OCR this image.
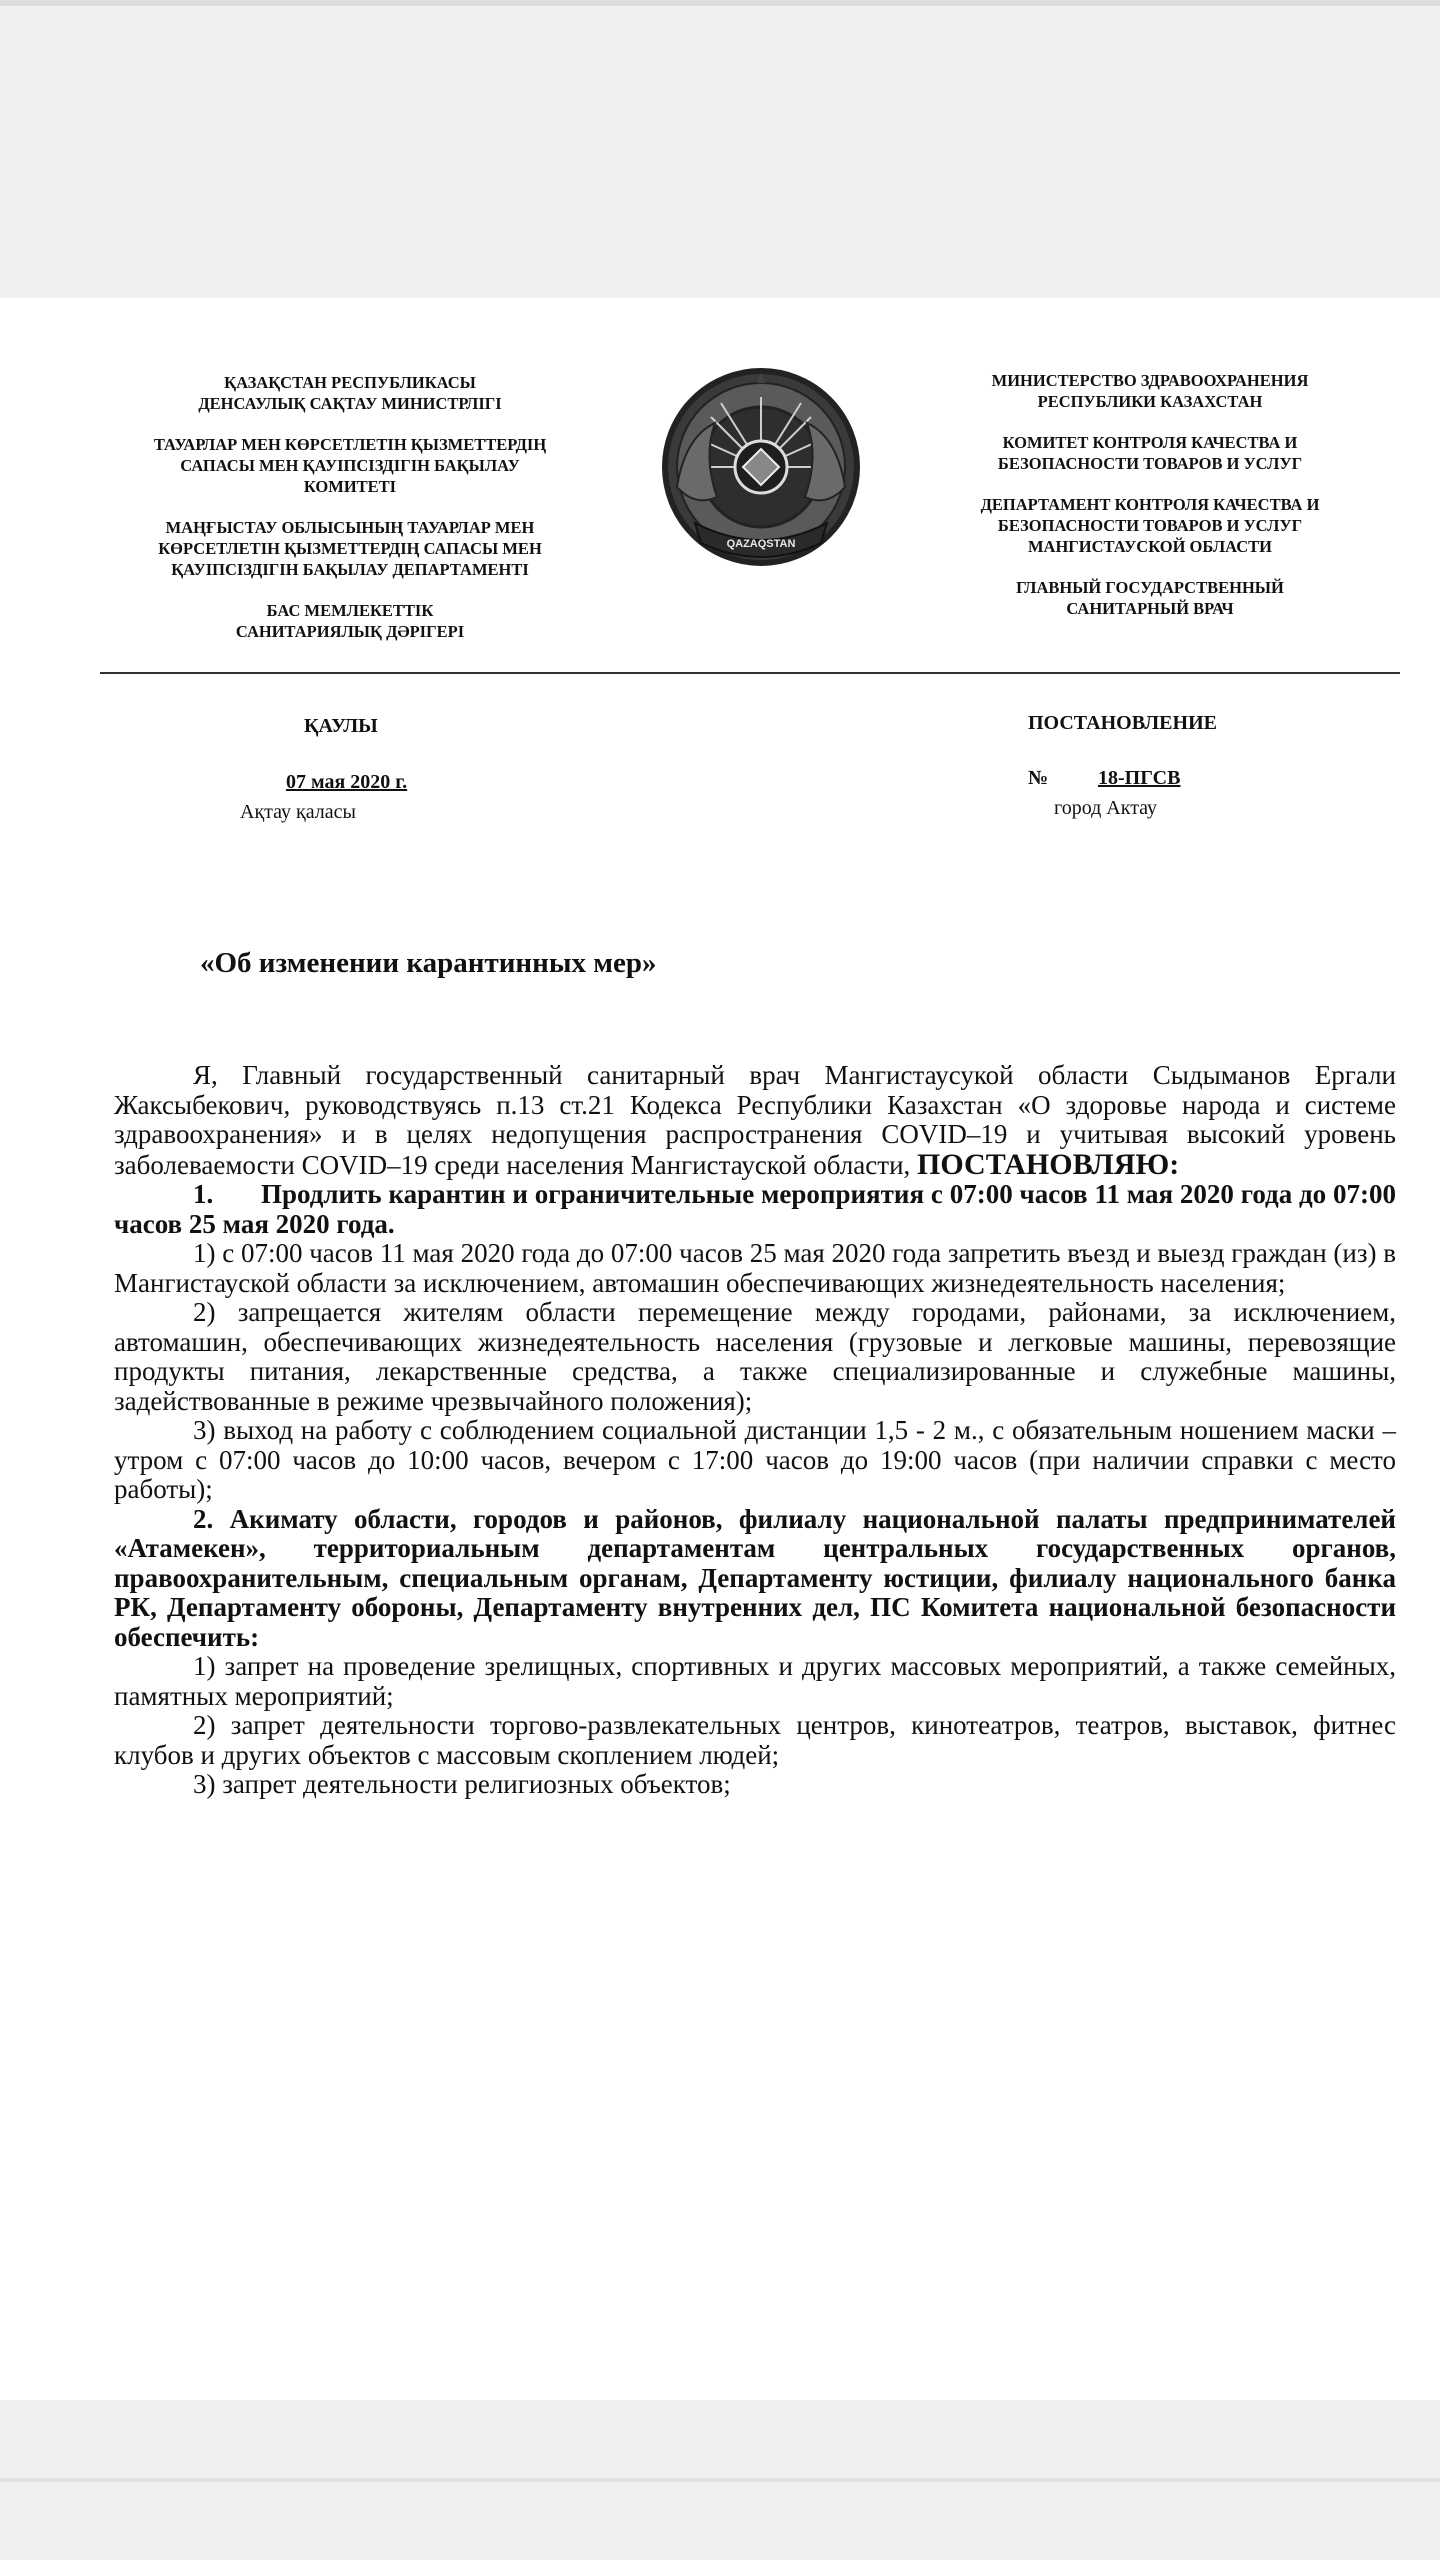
ҚАЗАҚСТАН РЕСПУБЛИКАСЫ

ДЕНСАУЛЫҚ САҚТАУ МИНИСТРЛІГІ

ТАУАРЛАР МЕН КӨРСЕТЛЕТІН ҚЫЗМЕТТЕРДІҢ

САПАСЫ МЕН ҚАУІПСІЗДІГІН БАҚЫЛАУ

КОМИТЕТІ

МАҢҒЫСТАУ ОБЛЫСЫНЫҢ ТАУАРЛАР МЕН

КӨРСЕТЛЕТІН ҚЫЗМЕТТЕРДІҢ САПАСЫ МЕН

ҚАУІПСІЗДІГІН БАҚЫЛАУ ДЕПАРТАМЕНТІ

БАС МЕМЛЕКЕТТІК

САНИТАРИЯЛЫҚ ДӘРІГЕРІ

QAZAQSTAN

МИНИСТЕРСТВО ЗДРАВООХРАНЕНИЯ

РЕСПУБЛИКИ КАЗАХСТАН

КОМИТЕТ КОНТРОЛЯ КАЧЕСТВА И

БЕЗОПАСНОСТИ ТОВАРОВ И УСЛУГ

ДЕПАРТАМЕНТ КОНТРОЛЯ КАЧЕСТВА И

БЕЗОПАСНОСТИ ТОВАРОВ И УСЛУГ

МАНГИСТАУСКОЙ ОБЛАСТИ

ГЛАВНЫЙ ГОСУДАРСТВЕННЫЙ

САНИТАРНЫЙ ВРАЧ

ҚАУЛЫ	ПОСТАНОВЛЕНИЕ
07 мая 2020 г.
Ақтау қаласы
№	18-ПГСВ
город Актау
«Об изменении карантинных мер»

Я, Главный государственный санитарный врач Мангистаусукой области Сыдыманов Ергали Жаксыбекович, руководствуясь п.13 ст.21 Кодекса Республики Казахстан «О здоровье народа и системе здравоохранения» и в целях недопущения распространения COVID–19 и учитывая высокий уровень заболеваемости COVID–19 среди населения Мангистауской области, ПОСТАНОВЛЯЮ:

1. Продлить карантин и ограничительные мероприятия с 07:00 часов 11 мая 2020 года до 07:00 часов 25 мая 2020 года.

1) с 07:00 часов 11 мая 2020 года до 07:00 часов 25 мая 2020 года запретить въезд и выезд граждан (из) в Мангистауской области за исключением, автомашин обеспечивающих жизнедеятельность населения;

2) запрещается жителям области перемещение между городами, районами, за исключением, автомашин, обеспечивающих жизнедеятельность населения (грузовые и легковые машины, перевозящие продукты питания, лекарственные средства, а также специализированные и служебные машины, задействованные в режиме чрезвычайного положения);

3) выход на работу с соблюдением социальной дистанции 1,5 - 2 м., с обязательным ношением маски – утром с 07:00 часов до 10:00 часов, вечером с 17:00 часов до 19:00 часов (при наличии справки с место работы);

2. Акимату области, городов и районов, филиалу национальной палаты предпринимателей «Атамекен», территориальным департаментам центральных государственных органов, правоохранительным, специальным органам, Департаменту юстиции, филиалу национального банка РК, Департаменту обороны, Департаменту внутренних дел, ПС Комитета национальной безопасности обеспечить:

1) запрет на проведение зрелищных, спортивных и других массовых мероприятий, а также семейных, памятных мероприятий;

2) запрет деятельности торгово-развлекательных центров, кинотеатров, театров, выставок, фитнес клубов и других объектов с массовым скоплением людей;

3) запрет деятельности религиозных объектов;
